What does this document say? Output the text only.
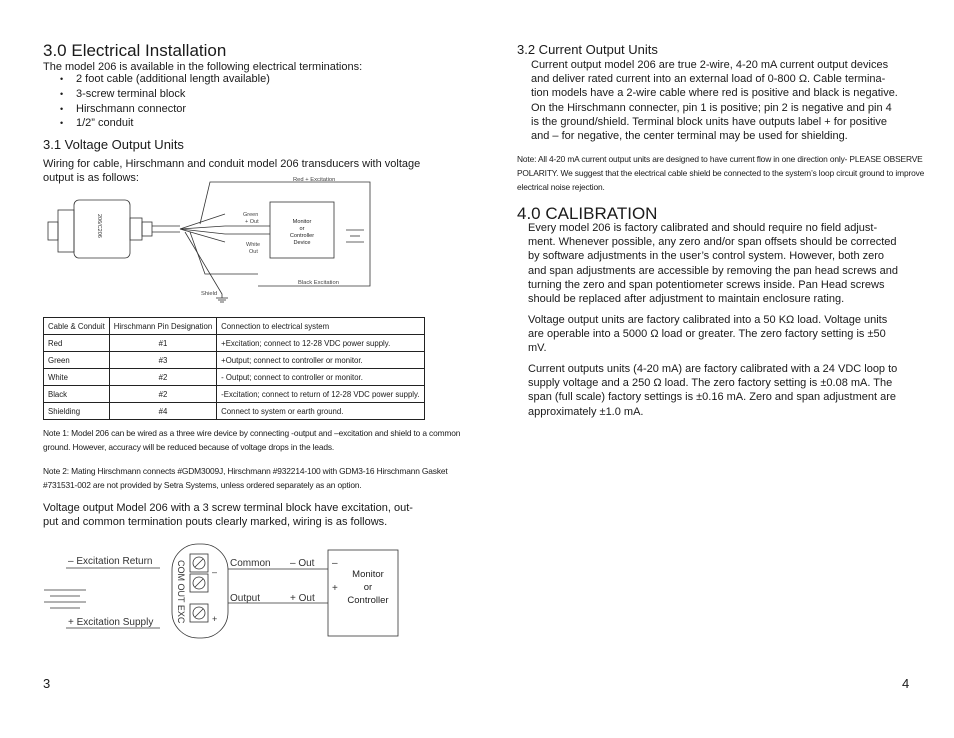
3.0 Electrical Installation
The model 206 is available in the following electrical terminations:
• 2 foot cable (additional length available)
• 3-screw terminal block
• Hirschmann connector
• 1/2” conduit
3.1 Voltage Output Units
Wiring for cable, Hirschmann and conduit model 206 transducers with voltage
output is as follows:
206/C206
Red + Excitation
Green
+ Out
White
Out
Black Excitation
Shield
Monitor
or
Controller
Device
Cable & Conduit	Hirschmann Pin Designation	Connection to electrical system
Red	#1	+Excitation; connect to 12-28 VDC power supply.
Green	#3	+Output; connect to controller or monitor.
White	#2	- Output; connect to controller or monitor.
Black	#2	-Excitation; connect to return of 12-28 VDC power supply.
Shielding	#4	Connect to system or earth ground.
Note 1: Model 206 can be wired as a three wire device by connecting -output and –excitation and shield to a common
ground. However, accuracy will be reduced because of voltage drops in the leads.
Note 2: Mating Hirschmann connects #GDM3009J, Hirschmann #932214-100 with GDM3-16 Hirschmann Gasket
#731531-002 are not provided by Setra Systems, unless ordered separately as an option.
Voltage output Model 206 with a 3 screw terminal block have excitation, out-
put and common termination pouts clearly marked, wiring is as follows.
– Excitation Return
+ Excitation Supply	COM OUT EXC	–
+
Common – Out
Output	+ Out
–
+
Monitor
or
Controller
3
3.2 Current Output Units
Current output model 206 are true 2-wire, 4-20 mA current output devices
and deliver rated current into an external load of 0-800 Ω. Cable termina-
tion models have a 2-wire cable where red is positive and black is negative.
On the Hirschmann connecter, pin 1 is positive; pin 2 is negative and pin 4
is the ground/shield. Terminal block units have outputs label + for positive
and – for negative, the center terminal may be used for shielding.
Note: All 4-20 mA current output units are designed to have current flow in one direction only- PLEASE OBSERVE
POLARITY. We suggest that the electrical cable shield be connected to the system’s loop circuit ground to improve
electrical noise rejection.
4.0 CALIBRATION
Every model 206 is factory calibrated and should require no field adjust-
ment. Whenever possible, any zero and/or span offsets should be corrected
by software adjustments in the user’s control system. However, both zero
and span adjustments are accessible by removing the pan head screws and
turning the zero and span potentiometer screws inside. Pan Head screws
should be replaced after adjustment to maintain enclosure rating.
Voltage output units are factory calibrated into a 50 KΩ load. Voltage units
are operable into a 5000 Ω load or greater. The zero factory setting is ±50
mV.
Current outputs units (4-20 mA) are factory calibrated with a 24 VDC loop to
supply voltage and a 250 Ω load. The zero factory setting is ±0.08 mA. The
span (full scale) factory settings is ±0.16 mA. Zero and span adjustment are
approximately ±1.0 mA.
4
